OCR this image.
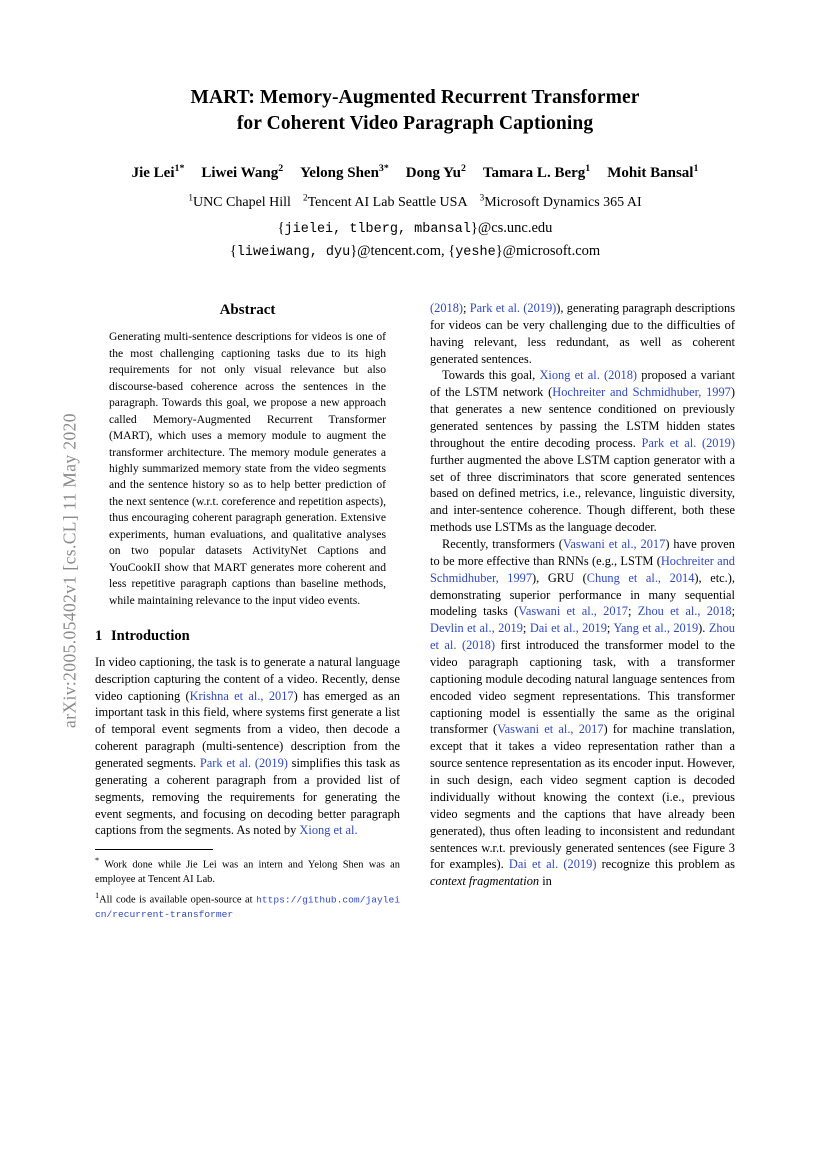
arXiv:2005.05402v1 [cs.CL] 11 May 2020
MART: Memory-Augmented Recurrent Transformer
for Coherent Video Paragraph Captioning
Jie Lei$^{1*}$ Liwei Wang$^2$ Yelong Shen$^{3*}$ Dong Yu$^2$ Tamara L. Berg$^1$ Mohit Bansal$^1$
$^1$UNC Chapel Hill $^2$Tencent AI Lab Seattle USA $^3$Microsoft Dynamics 365 AI
{jielei, tlberg, mbansal}@cs.unc.edu
{liweiwang, dyu}@tencent.com, {yeshe}@microsoft.com
Abstract
Generating multi-sentence descriptions for videos is one of the most challenging captioning tasks due to its high requirements for not only visual relevance but also discourse-based coherence across the sentences in the paragraph. Towards this goal, we propose a new approach called Memory-Augmented Recurrent Transformer (MART), which uses a memory module to augment the transformer architecture. The memory module generates a highly summarized memory state from the video segments and the sentence history so as to help better prediction of the next sentence (w.r.t. coreference and repetition aspects), thus encouraging coherent paragraph generation. Extensive experiments, human evaluations, and qualitative analyses on two popular datasets ActivityNet Captions and YouCookII show that MART generates more coherent and less repetitive paragraph captions than baseline methods, while maintaining relevance to the input video events.
1 Introduction

In video captioning, the task is to generate a natural language description capturing the content of a video. Recently, dense video captioning (Krishna et al., 2017) has emerged as an important task in this field, where systems first generate a list of temporal event segments from a video, then decode a coherent paragraph (multi-sentence) description from the generated segments. Park et al. (2019) simplifies this task as generating a coherent paragraph from a provided list of segments, removing the requirements for generating the event segments, and focusing on decoding better paragraph captions from the segments. As noted by Xiong et al.

* Work done while Jie Lei was an intern and Yelong Shen was an employee at Tencent AI Lab.
$^1$All code is available open-source at https://github.com/jayleicn/recurrent-transformer

(2018); Park et al. (2019)), generating paragraph descriptions for videos can be very challenging due to the difficulties of having relevant, less redundant, as well as coherent generated sentences.

Towards this goal, Xiong et al. (2018) proposed a variant of the LSTM network (Hochreiter and Schmidhuber, 1997) that generates a new sentence conditioned on previously generated sentences by passing the LSTM hidden states throughout the entire decoding process. Park et al. (2019) further augmented the above LSTM caption generator with a set of three discriminators that score generated sentences based on defined metrics, i.e., relevance, linguistic diversity, and inter-sentence coherence. Though different, both these methods use LSTMs as the language decoder.

Recently, transformers (Vaswani et al., 2017) have proven to be more effective than RNNs (e.g., LSTM (Hochreiter and Schmidhuber, 1997), GRU (Chung et al., 2014), etc.), demonstrating superior performance in many sequential modeling tasks (Vaswani et al., 2017; Zhou et al., 2018; Devlin et al., 2019; Dai et al., 2019; Yang et al., 2019). Zhou et al. (2018) first introduced the transformer model to the video paragraph captioning task, with a transformer captioning module decoding natural language sentences from encoded video segment representations. This transformer captioning model is essentially the same as the original transformer (Vaswani et al., 2017) for machine translation, except that it takes a video representation rather than a source sentence representation as its encoder input. However, in such design, each video segment caption is decoded individually without knowing the context (i.e., previous video segments and the captions that have already been generated), thus often leading to inconsistent and redundant sentences w.r.t. previously generated sentences (see Figure 3 for examples). Dai et al. (2019) recognize this problem as context fragmentation in
